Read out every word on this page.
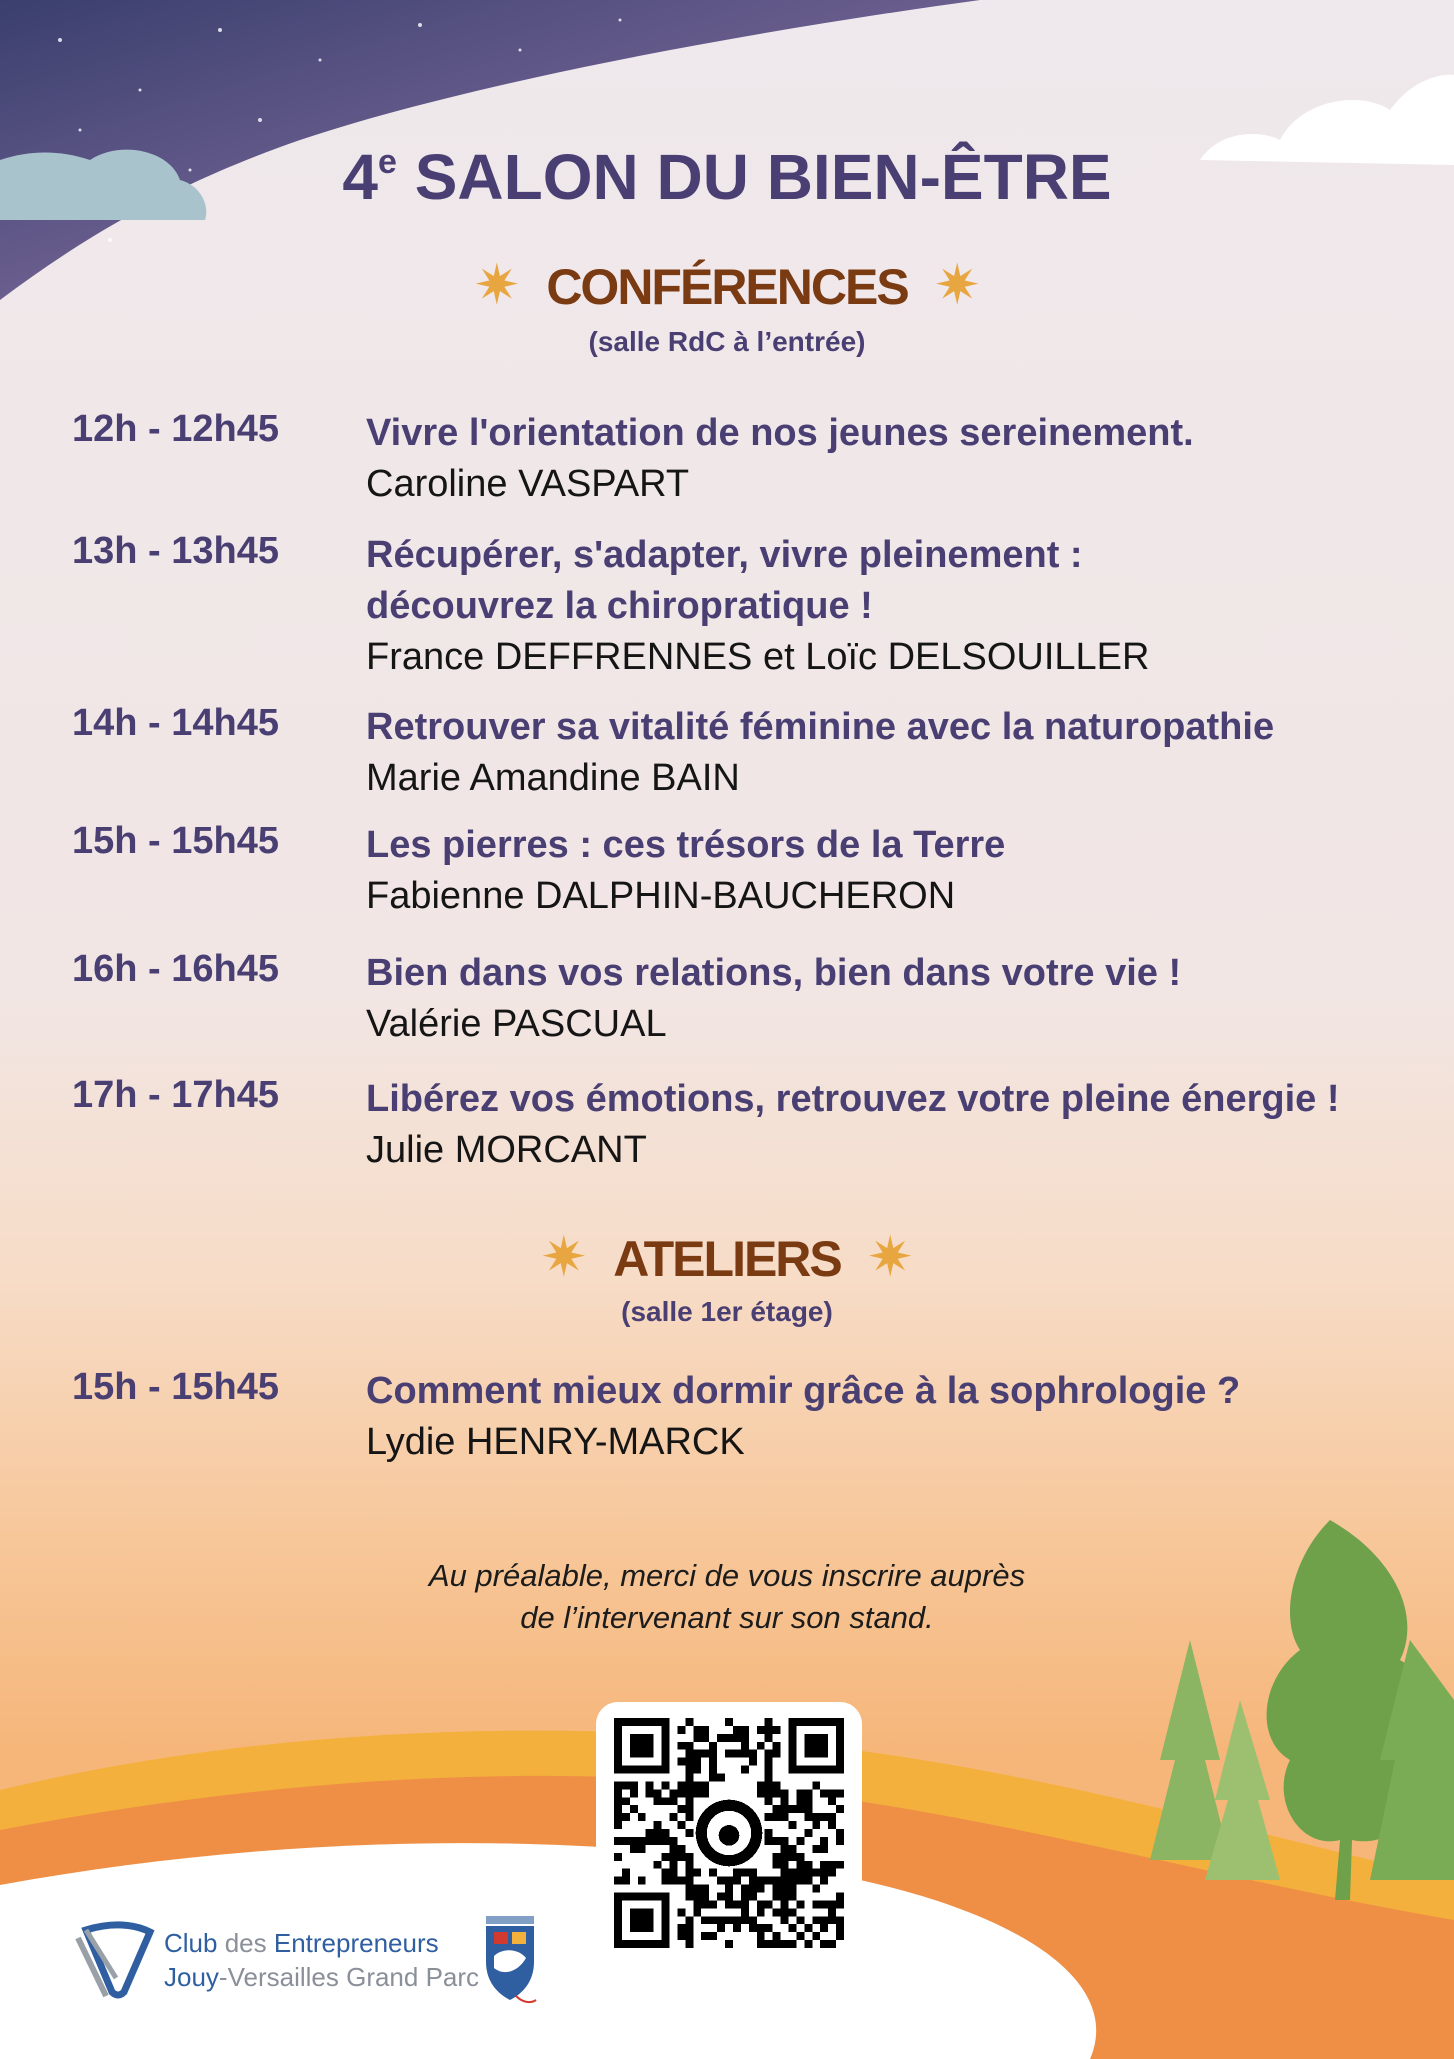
4e SALON DU BIEN-ÊTRE
✷ CONFÉRENCES ✷
(salle RdC à l’entrée)
12h - 12h45 Vivre l'orientation de nos jeunes sereinement.
Caroline VASPART
13h - 13h45 Récupérer, s'adapter, vivre pleinement :
découvrez la chiropratique !
France DEFFRENNES et Loïc DELSOUILLER
14h - 14h45 Retrouver sa vitalité féminine avec la naturopathie
Marie Amandine BAIN
15h - 15h45 Les pierres : ces trésors de la Terre
Fabienne DALPHIN-BAUCHERON
16h - 16h45 Bien dans vos relations, bien dans votre vie !
Valérie PASCUAL
17h - 17h45 Libérez vos émotions, retrouvez votre pleine énergie !
Julie MORCANT
✷ ATELIERS ✷
(salle 1er étage)
15h - 15h45 Comment mieux dormir grâce à la sophrologie ?
Lydie HENRY-MARCK
Au préalable, merci de vous inscrire auprès
de l’intervenant sur son stand.
Club des Entrepreneurs
Jouy-Versailles Grand Parc
